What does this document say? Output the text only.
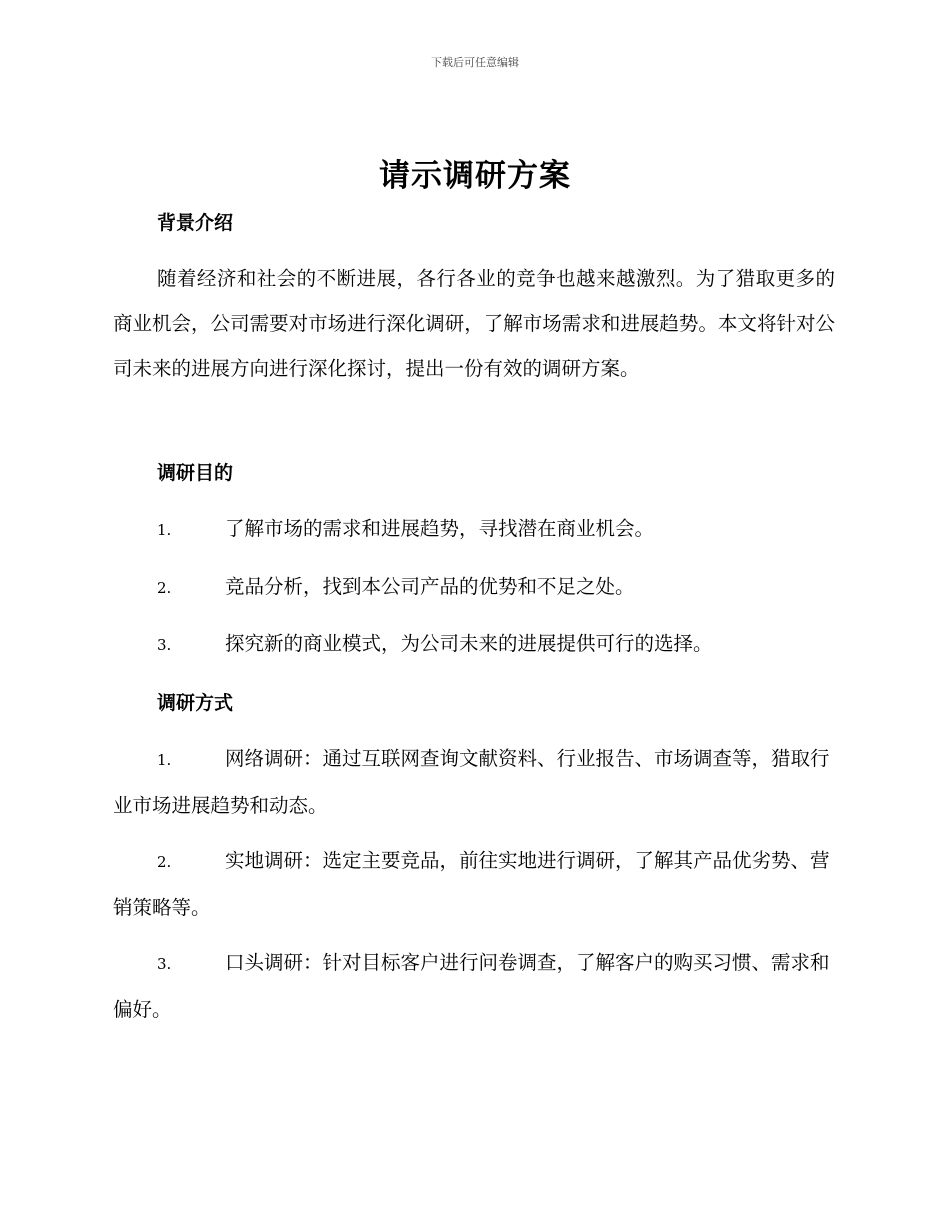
下载后可任意编辑
请示调研方案
背景介绍
随着经济和社会的不断进展，各行各业的竞争也越来越激烈。为了猎取更多的商业机会，公司需要对市场进行深化调研，了解市场需求和进展趋势。本文将针对公司未来的进展方向进行深化探讨，提出一份有效的调研方案。
调研目的
1.	了解市场的需求和进展趋势，寻找潜在商业机会。
2.	竞品分析，找到本公司产品的优势和不足之处。
3.	探究新的商业模式，为公司未来的进展提供可行的选择。
调研方式
1.	网络调研：通过互联网查询文献资料、行业报告、市场调查等，猎取行业市场进展趋势和动态。
2.	实地调研：选定主要竞品，前往实地进行调研，了解其产品优劣势、营销策略等。
3.	口头调研：针对目标客户进行问卷调查，了解客户的购买习惯、需求和偏好。
